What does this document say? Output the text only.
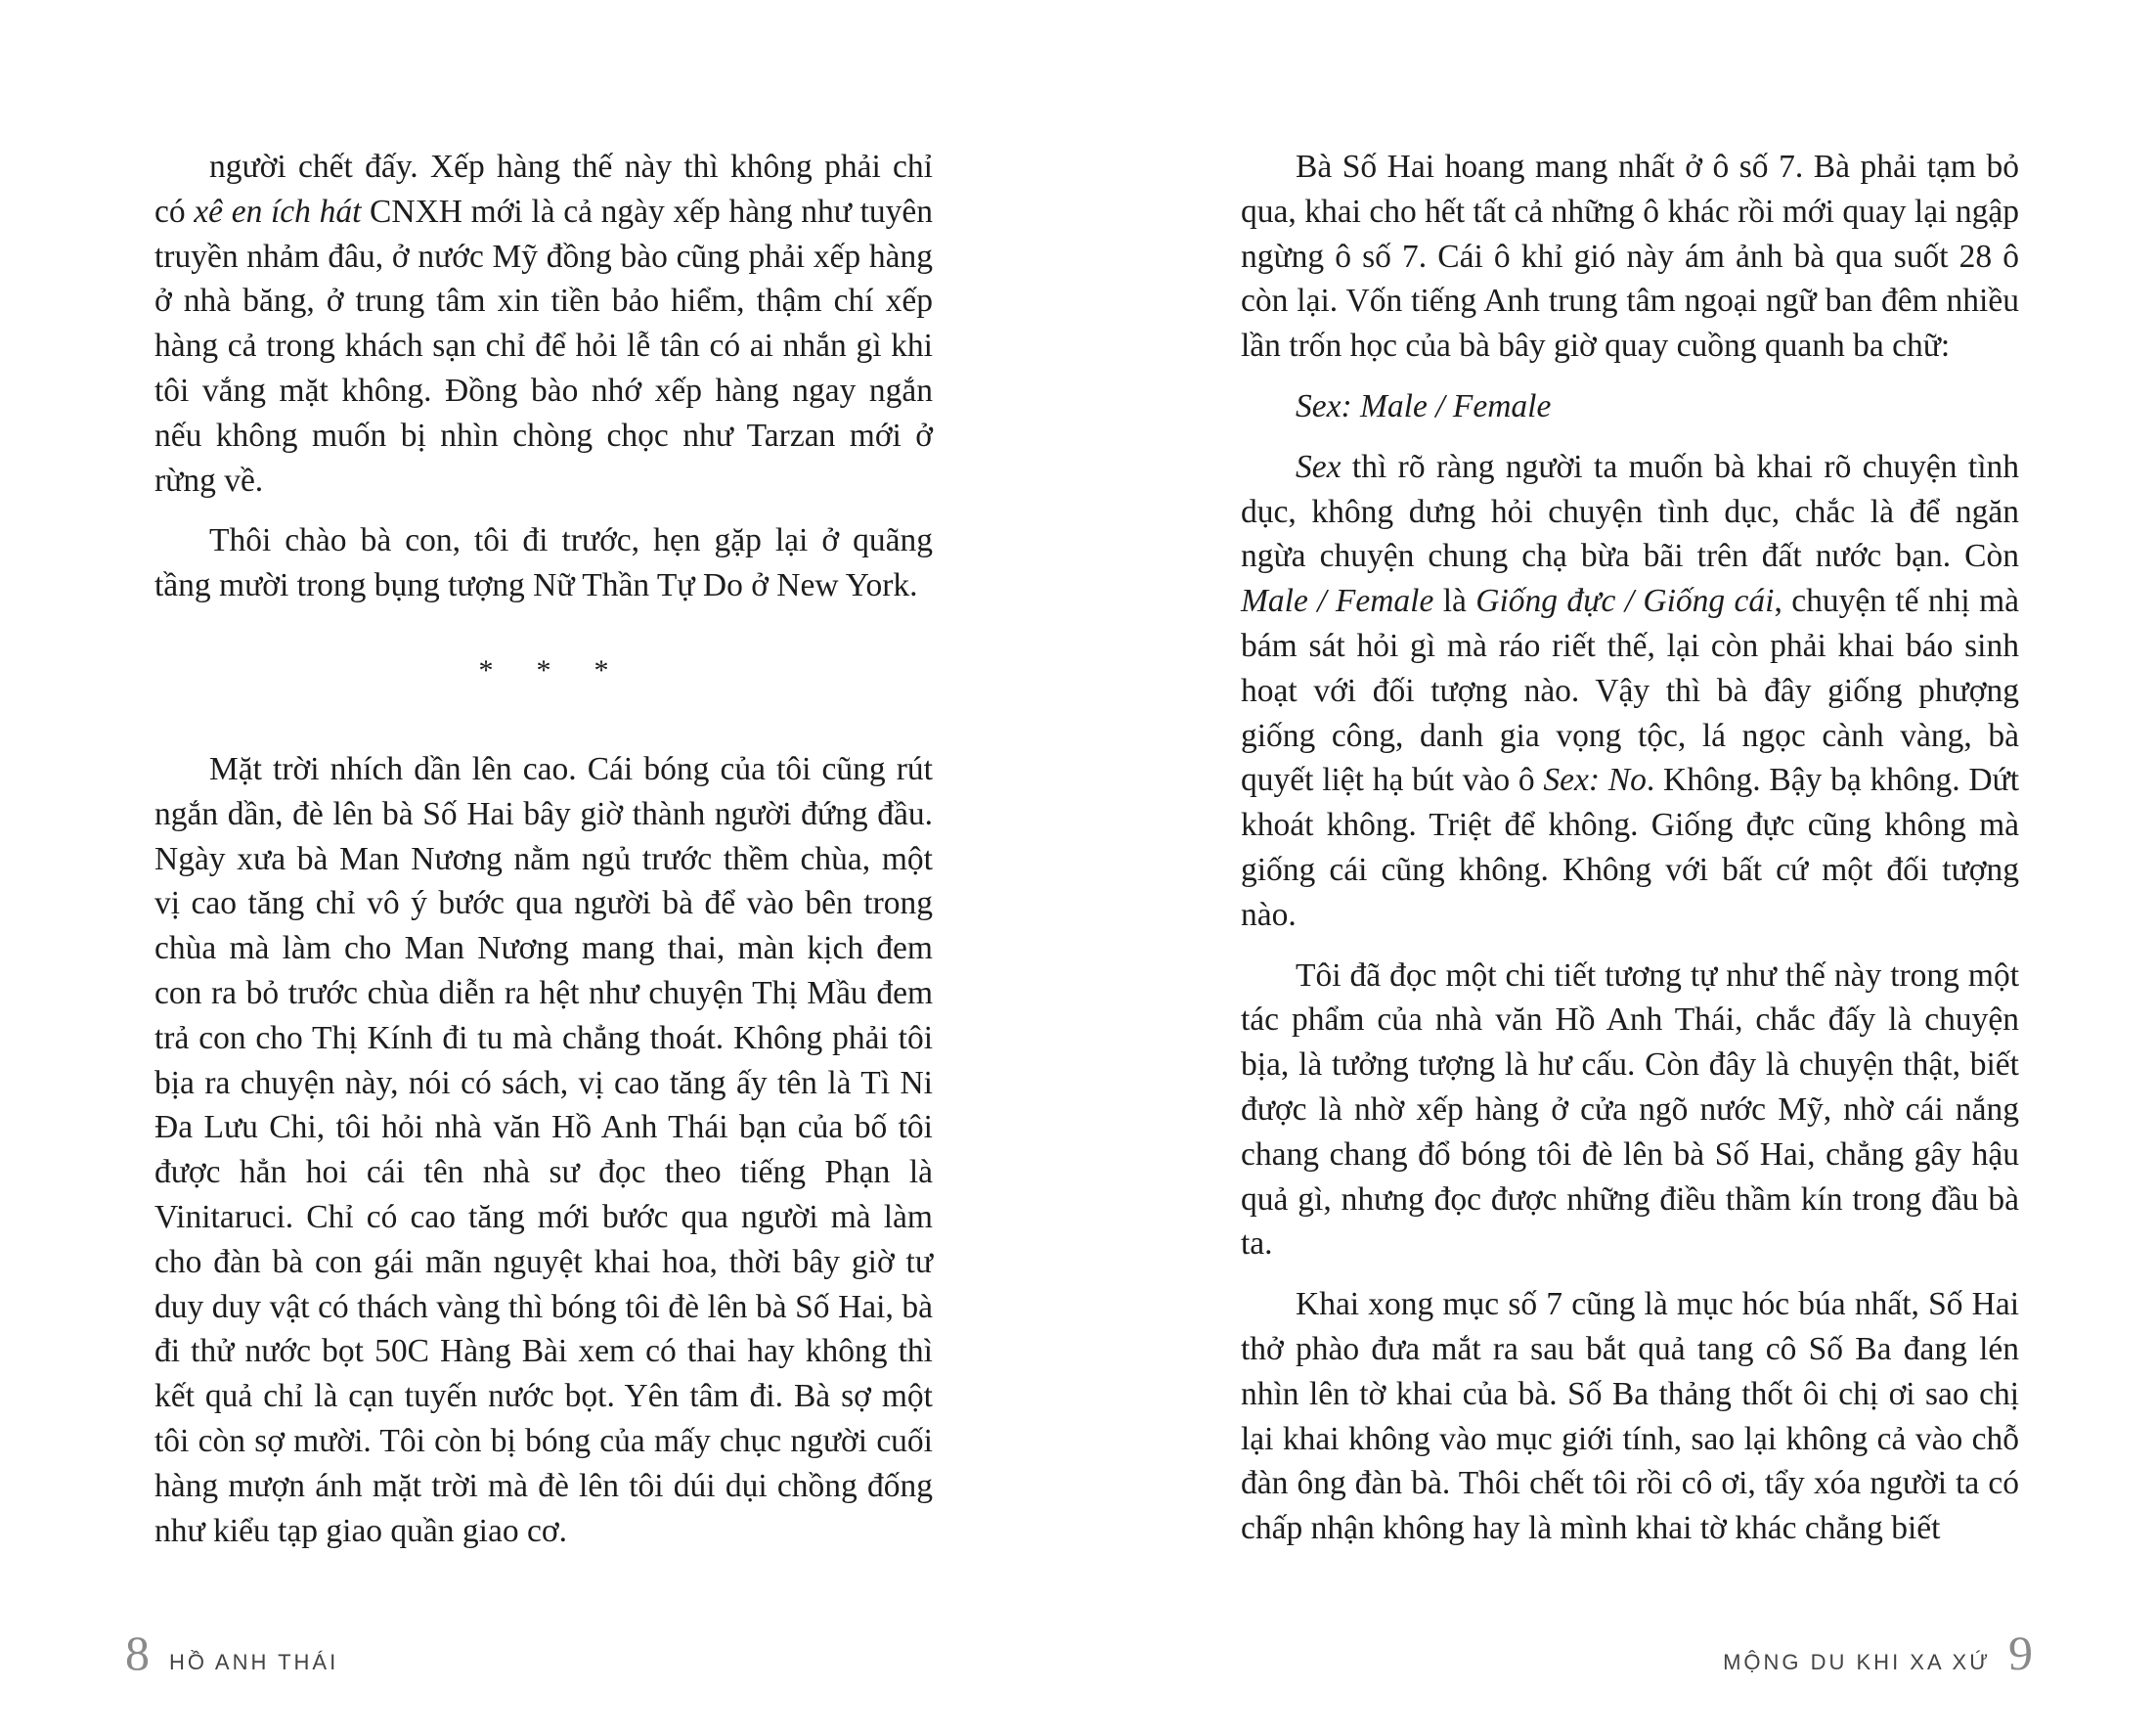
người chết đấy. Xếp hàng thế này thì không phải chỉ có xê en ích hát CNXH mới là cả ngày xếp hàng như tuyên truyền nhảm đâu, ở nước Mỹ đồng bào cũng phải xếp hàng ở nhà băng, ở trung tâm xin tiền bảo hiểm, thậm chí xếp hàng cả trong khách sạn chỉ để hỏi lễ tân có ai nhắn gì khi tôi vắng mặt không. Đồng bào nhớ xếp hàng ngay ngắn nếu không muốn bị nhìn chòng chọc như Tarzan mới ở rừng về.

Thôi chào bà con, tôi đi trước, hẹn gặp lại ở quãng tầng mười trong bụng tượng Nữ Thần Tự Do ở New York.

* * *

Mặt trời nhích dần lên cao. Cái bóng của tôi cũng rút ngắn dần, đè lên bà Số Hai bây giờ thành người đứng đầu. Ngày xưa bà Man Nương nằm ngủ trước thềm chùa, một vị cao tăng chỉ vô ý bước qua người bà để vào bên trong chùa mà làm cho Man Nương mang thai, màn kịch đem con ra bỏ trước chùa diễn ra hệt như chuyện Thị Mầu đem trả con cho Thị Kính đi tu mà chẳng thoát. Không phải tôi bịa ra chuyện này, nói có sách, vị cao tăng ấy tên là Tì Ni Đa Lưu Chi, tôi hỏi nhà văn Hồ Anh Thái bạn của bố tôi được hẳn hoi cái tên nhà sư đọc theo tiếng Phạn là Vinitaruci. Chỉ có cao tăng mới bước qua người mà làm cho đàn bà con gái mãn nguyệt khai hoa, thời bây giờ tư duy duy vật có thách vàng thì bóng tôi đè lên bà Số Hai, bà đi thử nước bọt 50C Hàng Bài xem có thai hay không thì kết quả chỉ là cạn tuyến nước bọt. Yên tâm đi. Bà sợ một tôi còn sợ mười. Tôi còn bị bóng của mấy chục người cuối hàng mượn ánh mặt trời mà đè lên tôi dúi dụi chồng đống như kiểu tạp giao quần giao cơ.

8 HỒ ANH THÁI

Bà Số Hai hoang mang nhất ở ô số 7. Bà phải tạm bỏ qua, khai cho hết tất cả những ô khác rồi mới quay lại ngập ngừng ô số 7. Cái ô khỉ gió này ám ảnh bà qua suốt 28 ô còn lại. Vốn tiếng Anh trung tâm ngoại ngữ ban đêm nhiều lần trốn học của bà bây giờ quay cuồng quanh ba chữ:

Sex: Male / Female

Sex thì rõ ràng người ta muốn bà khai rõ chuyện tình dục, không dưng hỏi chuyện tình dục, chắc là để ngăn ngừa chuyện chung chạ bừa bãi trên đất nước bạn. Còn Male / Female là Giống đực / Giống cái, chuyện tế nhị mà bám sát hỏi gì mà ráo riết thế, lại còn phải khai báo sinh hoạt với đối tượng nào. Vậy thì bà đây giống phượng giống công, danh gia vọng tộc, lá ngọc cành vàng, bà quyết liệt hạ bút vào ô Sex: No. Không. Bậy bạ không. Dứt khoát không. Triệt để không. Giống đực cũng không mà giống cái cũng không. Không với bất cứ một đối tượng nào.

Tôi đã đọc một chi tiết tương tự như thế này trong một tác phẩm của nhà văn Hồ Anh Thái, chắc đấy là chuyện bịa, là tưởng tượng là hư cấu. Còn đây là chuyện thật, biết được là nhờ xếp hàng ở cửa ngõ nước Mỹ, nhờ cái nắng chang chang đổ bóng tôi đè lên bà Số Hai, chẳng gây hậu quả gì, nhưng đọc được những điều thầm kín trong đầu bà ta.

Khai xong mục số 7 cũng là mục hóc búa nhất, Số Hai thở phào đưa mắt ra sau bắt quả tang cô Số Ba đang lén nhìn lên tờ khai của bà. Số Ba thảng thốt ôi chị ơi sao chị lại khai không vào mục giới tính, sao lại không cả vào chỗ đàn ông đàn bà. Thôi chết tôi rồi cô ơi, tẩy xóa người ta có chấp nhận không hay là mình khai tờ khác chẳng biết

MỘNG DU KHI XA XỨ 9
